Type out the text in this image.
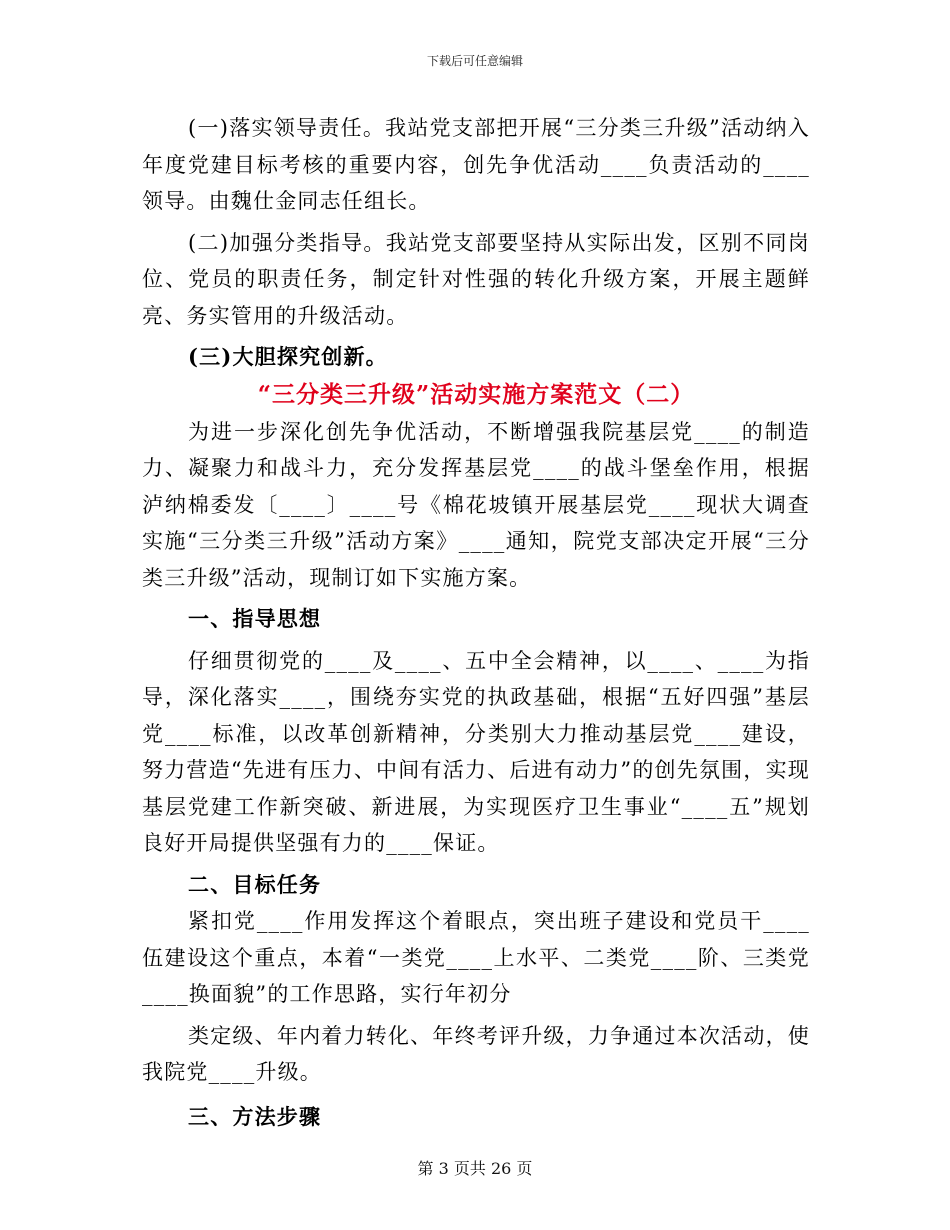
下载后可任意编辑

(一)落实领导责任。我站党支部把开展“三分类三升级”活动纳入年度党建目标考核的重要内容，创先争优活动____负责活动的____领导。由魏仕金同志任组长。

(二)加强分类指导。我站党支部要坚持从实际出发，区别不同岗位、党员的职责任务，制定针对性强的转化升级方案，开展主题鲜亮、务实管用的升级活动。

(三)大胆探究创新。

“三分类三升级”活动实施方案范文（二）

为进一步深化创先争优活动，不断增强我院基层党____的制造力、凝聚力和战斗力，充分发挥基层党____的战斗堡垒作用，根据泸纳棉委发〔____〕____号《棉花坡镇开展基层党____现状大调查实施“三分类三升级”活动方案》____通知，院党支部决定开展“三分类三升级”活动，现制订如下实施方案。

一、指导思想

仔细贯彻党的____及____、五中全会精神，以____、____为指导，深化落实____，围绕夯实党的执政基础，根据“五好四强”基层党____标准，以改革创新精神，分类别大力推动基层党____建设，努力营造“先进有压力、中间有活力、后进有动力”的创先氛围，实现基层党建工作新突破、新进展，为实现医疗卫生事业“____五”规划良好开局提供坚强有力的____保证。

二、目标任务

紧扣党____作用发挥这个着眼点，突出班子建设和党员干____伍建设这个重点，本着“一类党____上水平、二类党____阶、三类党____换面貌”的工作思路，实行年初分

类定级、年内着力转化、年终考评升级，力争通过本次活动，使我院党____升级。

三、方法步骤

第 3 页共 26 页
